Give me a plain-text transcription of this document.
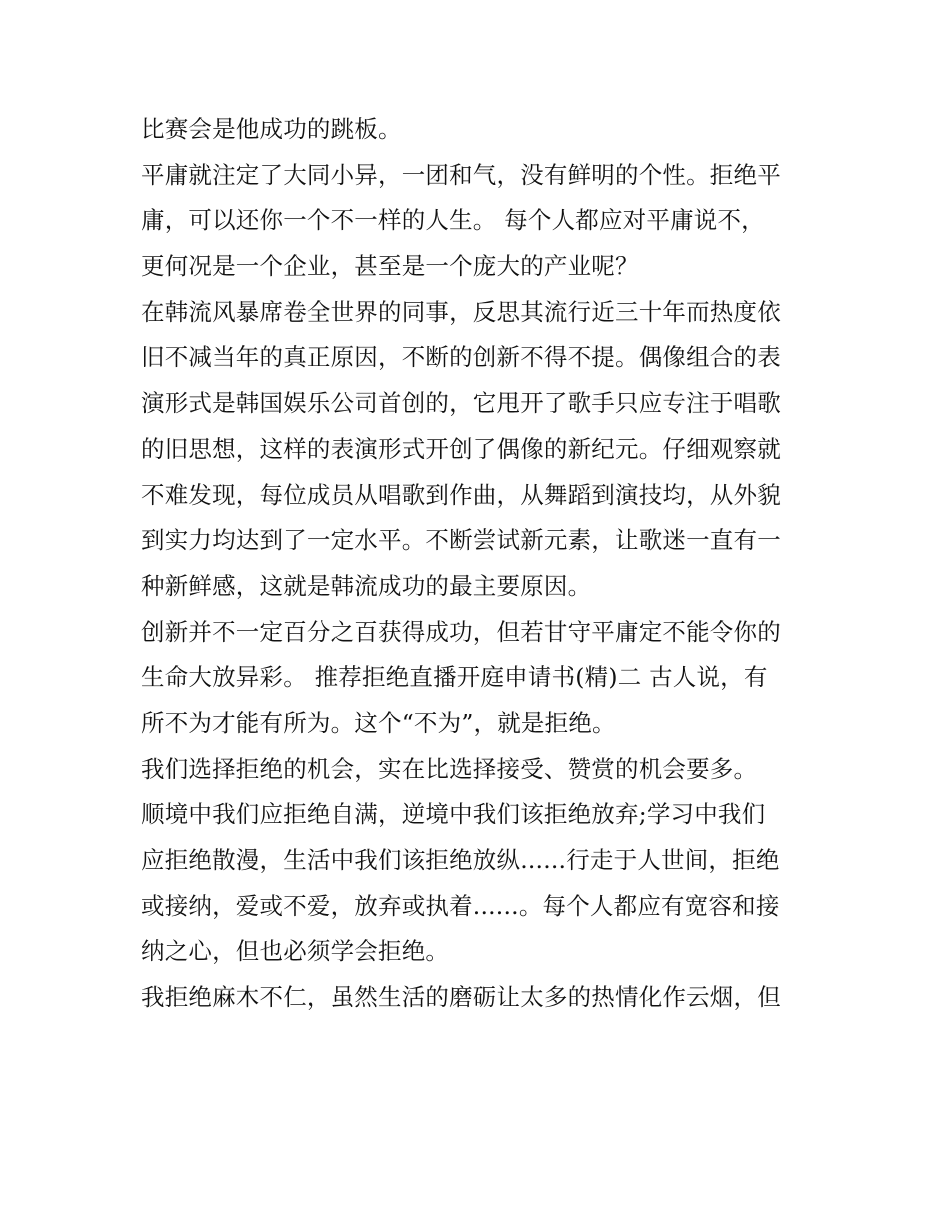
比赛会是他成功的跳板。
平庸就注定了大同小异，一团和气，没有鲜明的个性。拒绝平
庸，可以还你一个不一样的人生。 每个人都应对平庸说不，
更何况是一个企业，甚至是一个庞大的产业呢？
在韩流风暴席卷全世界的同事，反思其流行近三十年而热度依
旧不减当年的真正原因，不断的创新不得不提。偶像组合的表
演形式是韩国娱乐公司首创的，它甩开了歌手只应专注于唱歌
的旧思想，这样的表演形式开创了偶像的新纪元。仔细观察就
不难发现，每位成员从唱歌到作曲，从舞蹈到演技均，从外貌
到实力均达到了一定水平。不断尝试新元素，让歌迷一直有一
种新鲜感，这就是韩流成功的最主要原因。
创新并不一定百分之百获得成功，但若甘守平庸定不能令你的
生命大放异彩。 推荐拒绝直播开庭申请书(精)二 古人说，有
所不为才能有所为。这个“不为”，就是拒绝。
我们选择拒绝的机会，实在比选择接受、赞赏的机会要多。
顺境中我们应拒绝自满，逆境中我们该拒绝放弃;学习中我们
应拒绝散漫，生活中我们该拒绝放纵......行走于人世间，拒绝
或接纳，爱或不爱，放弃或执着......。每个人都应有宽容和接
纳之心，但也必须学会拒绝。
我拒绝麻木不仁，虽然生活的磨砺让太多的热情化作云烟，但
